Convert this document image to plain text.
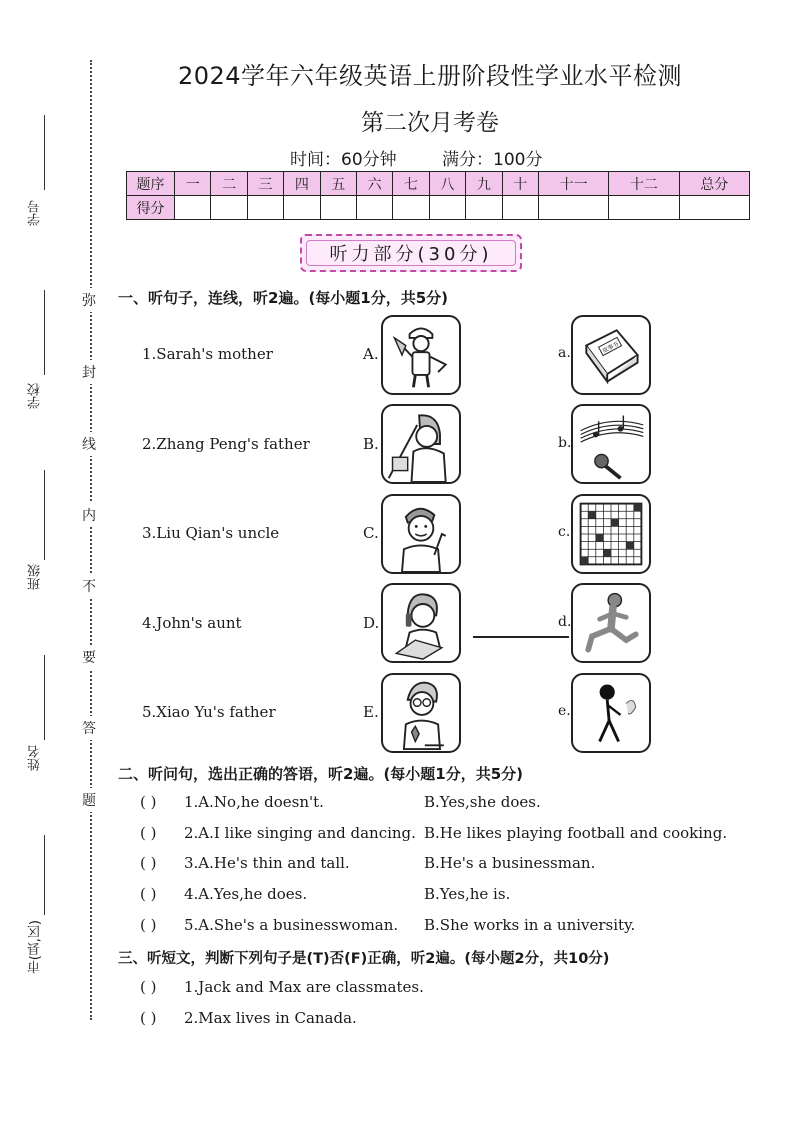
学号
学校
班级
姓名
市(县,区)
弥
封
线
内
不
要
答
题
2024学年六年级英语上册阶段性学业水平检测
第二次月考卷
时间：60分钟	满分：100分
题序	一	二	三	四	五	六	七	八	九	十	十一	十二	总分
得分													
听力部分(30分)
一、听句子，连线，听2遍。(每小题1分，共5分)
1.Sarah's mother
2.Zhang Peng's father
3.Liu Qian's uncle
4.John's aunt
5.Xiao Yu's father
A.
B.
C.
D.
E.
a.
b.
c.
d.
e.
故事书
二、听问句，选出正确的答语，听2遍。(每小题1分，共5分)
( ) 1.A.No,he doesn't.	B.Yes,she does.
( ) 2.A.I like singing and dancing. B.He likes playing football and cooking.
( ) 3.A.He's thin and tall.	B.He's a businessman.
( ) 4.A.Yes,he does.	B.Yes,he is.
( ) 5.A.She's a businesswoman. B.She works in a university.
三、听短文，判断下列句子是(T)否(F)正确，听2遍。(每小题2分，共10分)
( ) 1.Jack and Max are classmates.
( ) 2.Max lives in Canada.
